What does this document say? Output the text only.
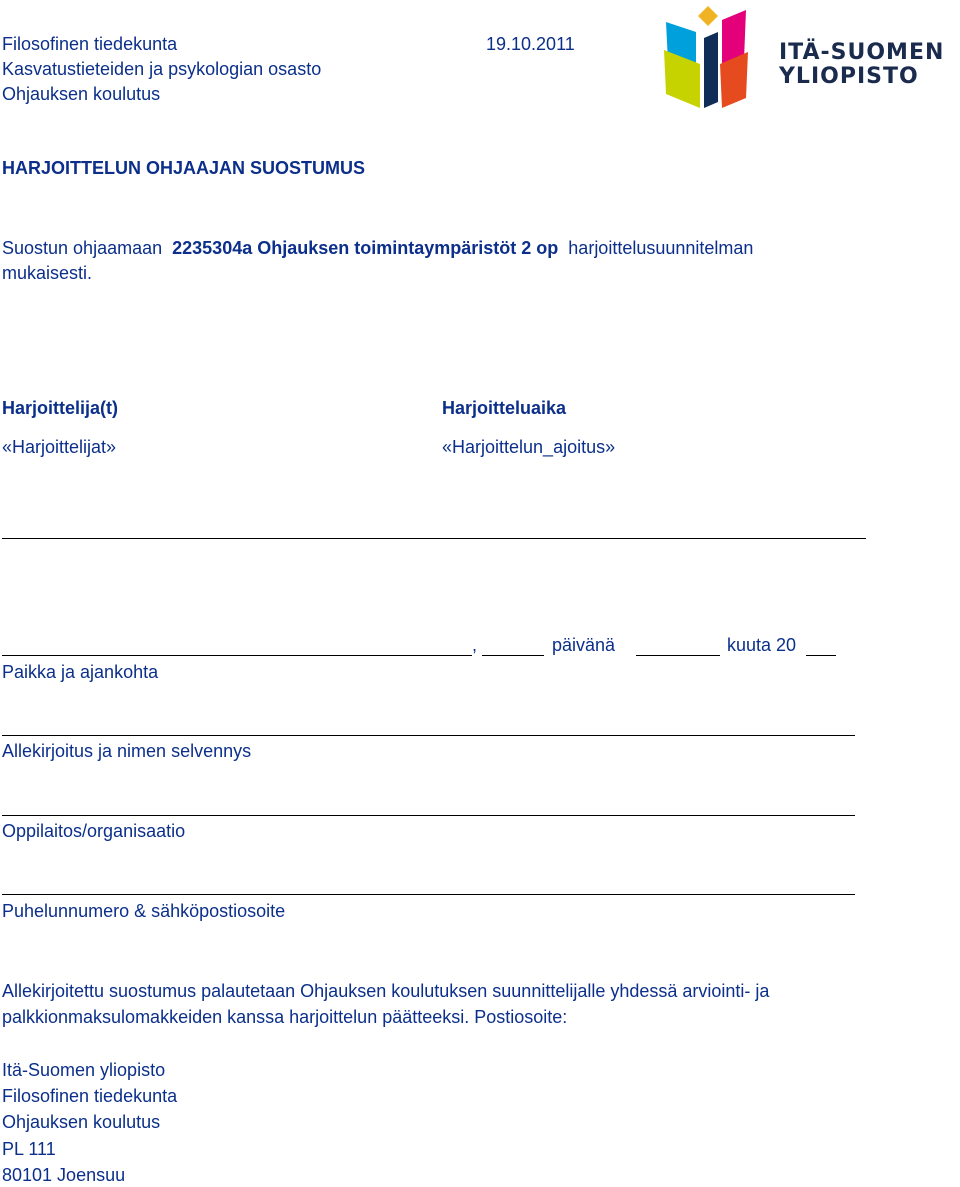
Filosofinen tiedekunta	19.10.2011
Kasvatustieteiden ja psykologian osasto
Ohjauksen koulutus
ITÄ-SUOMEN
YLIOPISTO
HARJOITTELUN OHJAAJAN SUOSTUMUS
Suostun ohjaamaan 2235304a Ohjauksen toimintaympäristöt 2 op harjoittelusuunnitelman
mukaisesti.
Harjoittelija(t)	Harjoitteluaika
«Harjoittelijat»	«Harjoittelun_ajoitus»
,	päivänä	kuuta 20
Paikka ja ajankohta
Allekirjoitus ja nimen selvennys
Oppilaitos/organisaatio
Puhelunnumero & sähköpostiosoite
Allekirjoitettu suostumus palautetaan Ohjauksen koulutuksen suunnittelijalle yhdessä arviointi- ja
palkkionmaksulomakkeiden kanssa harjoittelun päätteeksi. Postiosoite:
Itä-Suomen yliopisto
Filosofinen tiedekunta
Ohjauksen koulutus
PL 111
80101 Joensuu
